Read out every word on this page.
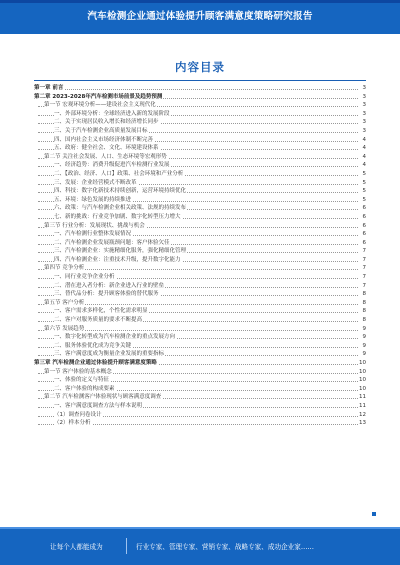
汽车检测企业通过体验提升顾客满意度策略研究报告
内容目录
第一章 前言	3
第二章 2023-2028年汽车检测市场前景及趋势预测	3
第一节 宏观环境分析——建设社会主义现代化	3
一、外部环境分析：全球经济进入新的发展阶段	3
二、关于实现居民收入增长和经济增长同步	3
三、关于汽车检测企业高质量发展目标	3
四、国内社会主义市场经济体制不断完善	4
五、政府：健全社会、文化、环境建设体系	4
第二节 关注社会发展、人口、生态环境等宏观形势	4
一、经济趋势：消费升级促进汽车检测行业发展	4
二、【政治、经济、人口】政策、社会环境和产业分析	5
三、发展：企业经营模式不断改革	5
四、科技：数字化新技术持续创新，运营环境持续优化	5
五、环境：绿色发展的持续推进	5
六、政策：与汽车检测企业相关政策、法规的持续发布	6
七、新的挑战：行业竞争加剧、数字化转型压力增大	6
第三节 行业分析：发展现状、挑战与机会	6
一、汽车检测行业整体发展情况	6
二、汽车检测企业发展瓶颈问题：客户体验欠佳	6
三、汽车检测企业：实施精细化服务，强化精细化管理	7
四、汽车检测企业：注重技术升级，提升数字化能力	7
第四节 竞争分析	7
一、同行业竞争企业分析	7
二、潜在进入者分析：新企业进入行业的壁垒	7
三、替代品分析：提升顾客体验的替代服务	8
第五节 客户分析	8
一、客户需求多样化，个性化需求明显	8
二、客户对服务质量的要求不断提高	8
第六节 发展趋势	9
一、数字化转型成为汽车检测企业的重点发展方向	9
二、服务体验优化成为竞争关键	9
三、客户满意度成为衡量企业发展的重要指标	9
第三章 汽车检测企业通过体验提升顾客满意度策略	10
第一节 客户体验的基本概念	10
一、体验的定义与特征	10
二、客户体验的构成要素	10
第二节 汽车检测客户体验现状与顾客满意度调查	11
一、客户满意度调查方法与样本说明	11
（1）调查问卷设计	12
（2）样本分析	13
让每个人都能成为	行业专家、管理专家、营销专家、战略专家、成功企业家……
